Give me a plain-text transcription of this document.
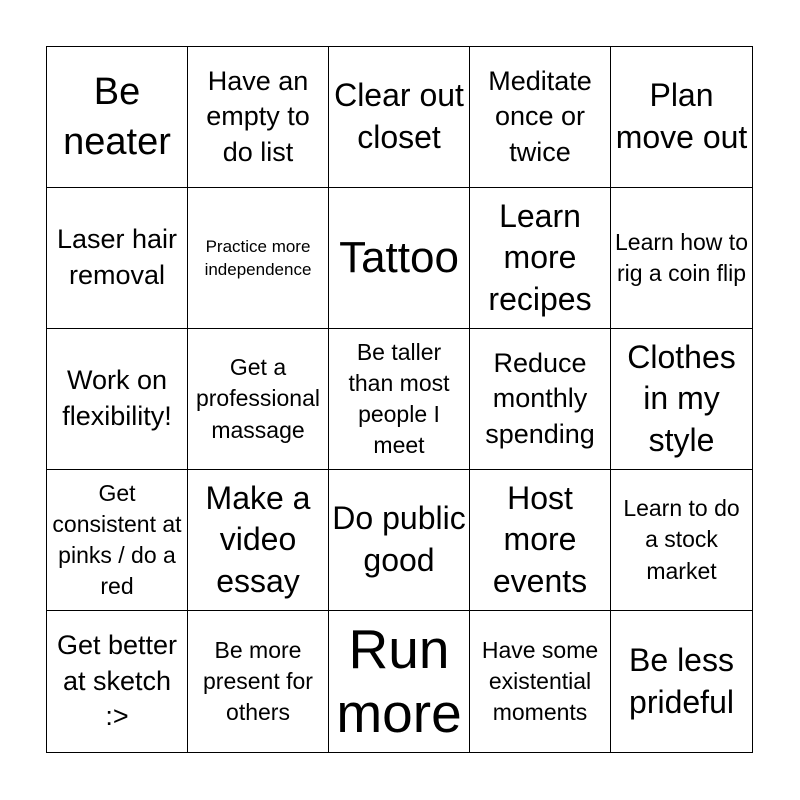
Be neater
Have an empty to do list
Clear out closet
Meditate once or twice
Plan move out
Laser hair removal
Practice more independence Tattoo
Learn more recipes
Learn how to rig a coin flip
Work on flexibility!
Get a professional massage
Be taller than most people I meet
Reduce monthly spending
Clothes in my style
Get consistent at pinks / do a red
Make a video essay
Do public good
Host more events
Learn to do a stock market
Get better at sketch :>
Be more present for others
Run more
Have some existential moments
Be less prideful
